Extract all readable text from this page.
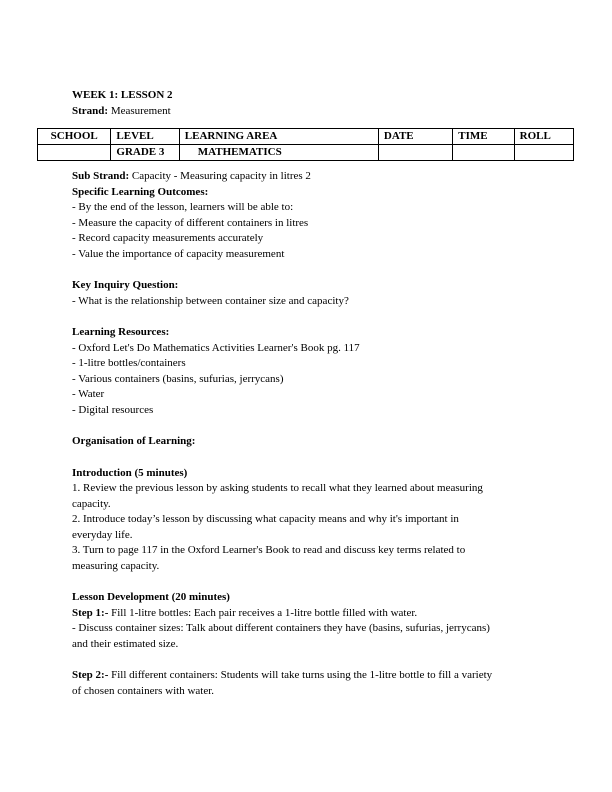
WEEK 1: LESSON 2
Strand: Measurement
SCHOOL	LEVEL	LEARNING AREA	DATE	TIME	ROLL
	GRADE 3	MATHEMATICS			
Sub Strand: Capacity - Measuring capacity in litres 2
Specific Learning Outcomes:
- By the end of the lesson, learners will be able to:
- Measure the capacity of different containers in litres
- Record capacity measurements accurately
- Value the importance of capacity measurement
Key Inquiry Question:
- What is the relationship between container size and capacity?
Learning Resources:
- Oxford Let's Do Mathematics Activities Learner's Book pg. 117
- 1-litre bottles/containers
- Various containers (basins, sufurias, jerrycans)
- Water
- Digital resources
Organisation of Learning:
Introduction (5 minutes)
1. Review the previous lesson by asking students to recall what they learned about measuring
capacity.
2. Introduce today’s lesson by discussing what capacity means and why it's important in
everyday life.
3. Turn to page 117 in the Oxford Learner's Book to read and discuss key terms related to
measuring capacity.
Lesson Development (20 minutes)
Step 1:- Fill 1-litre bottles: Each pair receives a 1-litre bottle filled with water.
- Discuss container sizes: Talk about different containers they have (basins, sufurias, jerrycans)
and their estimated size.
Step 2:- Fill different containers: Students will take turns using the 1-litre bottle to fill a variety
of chosen containers with water.
